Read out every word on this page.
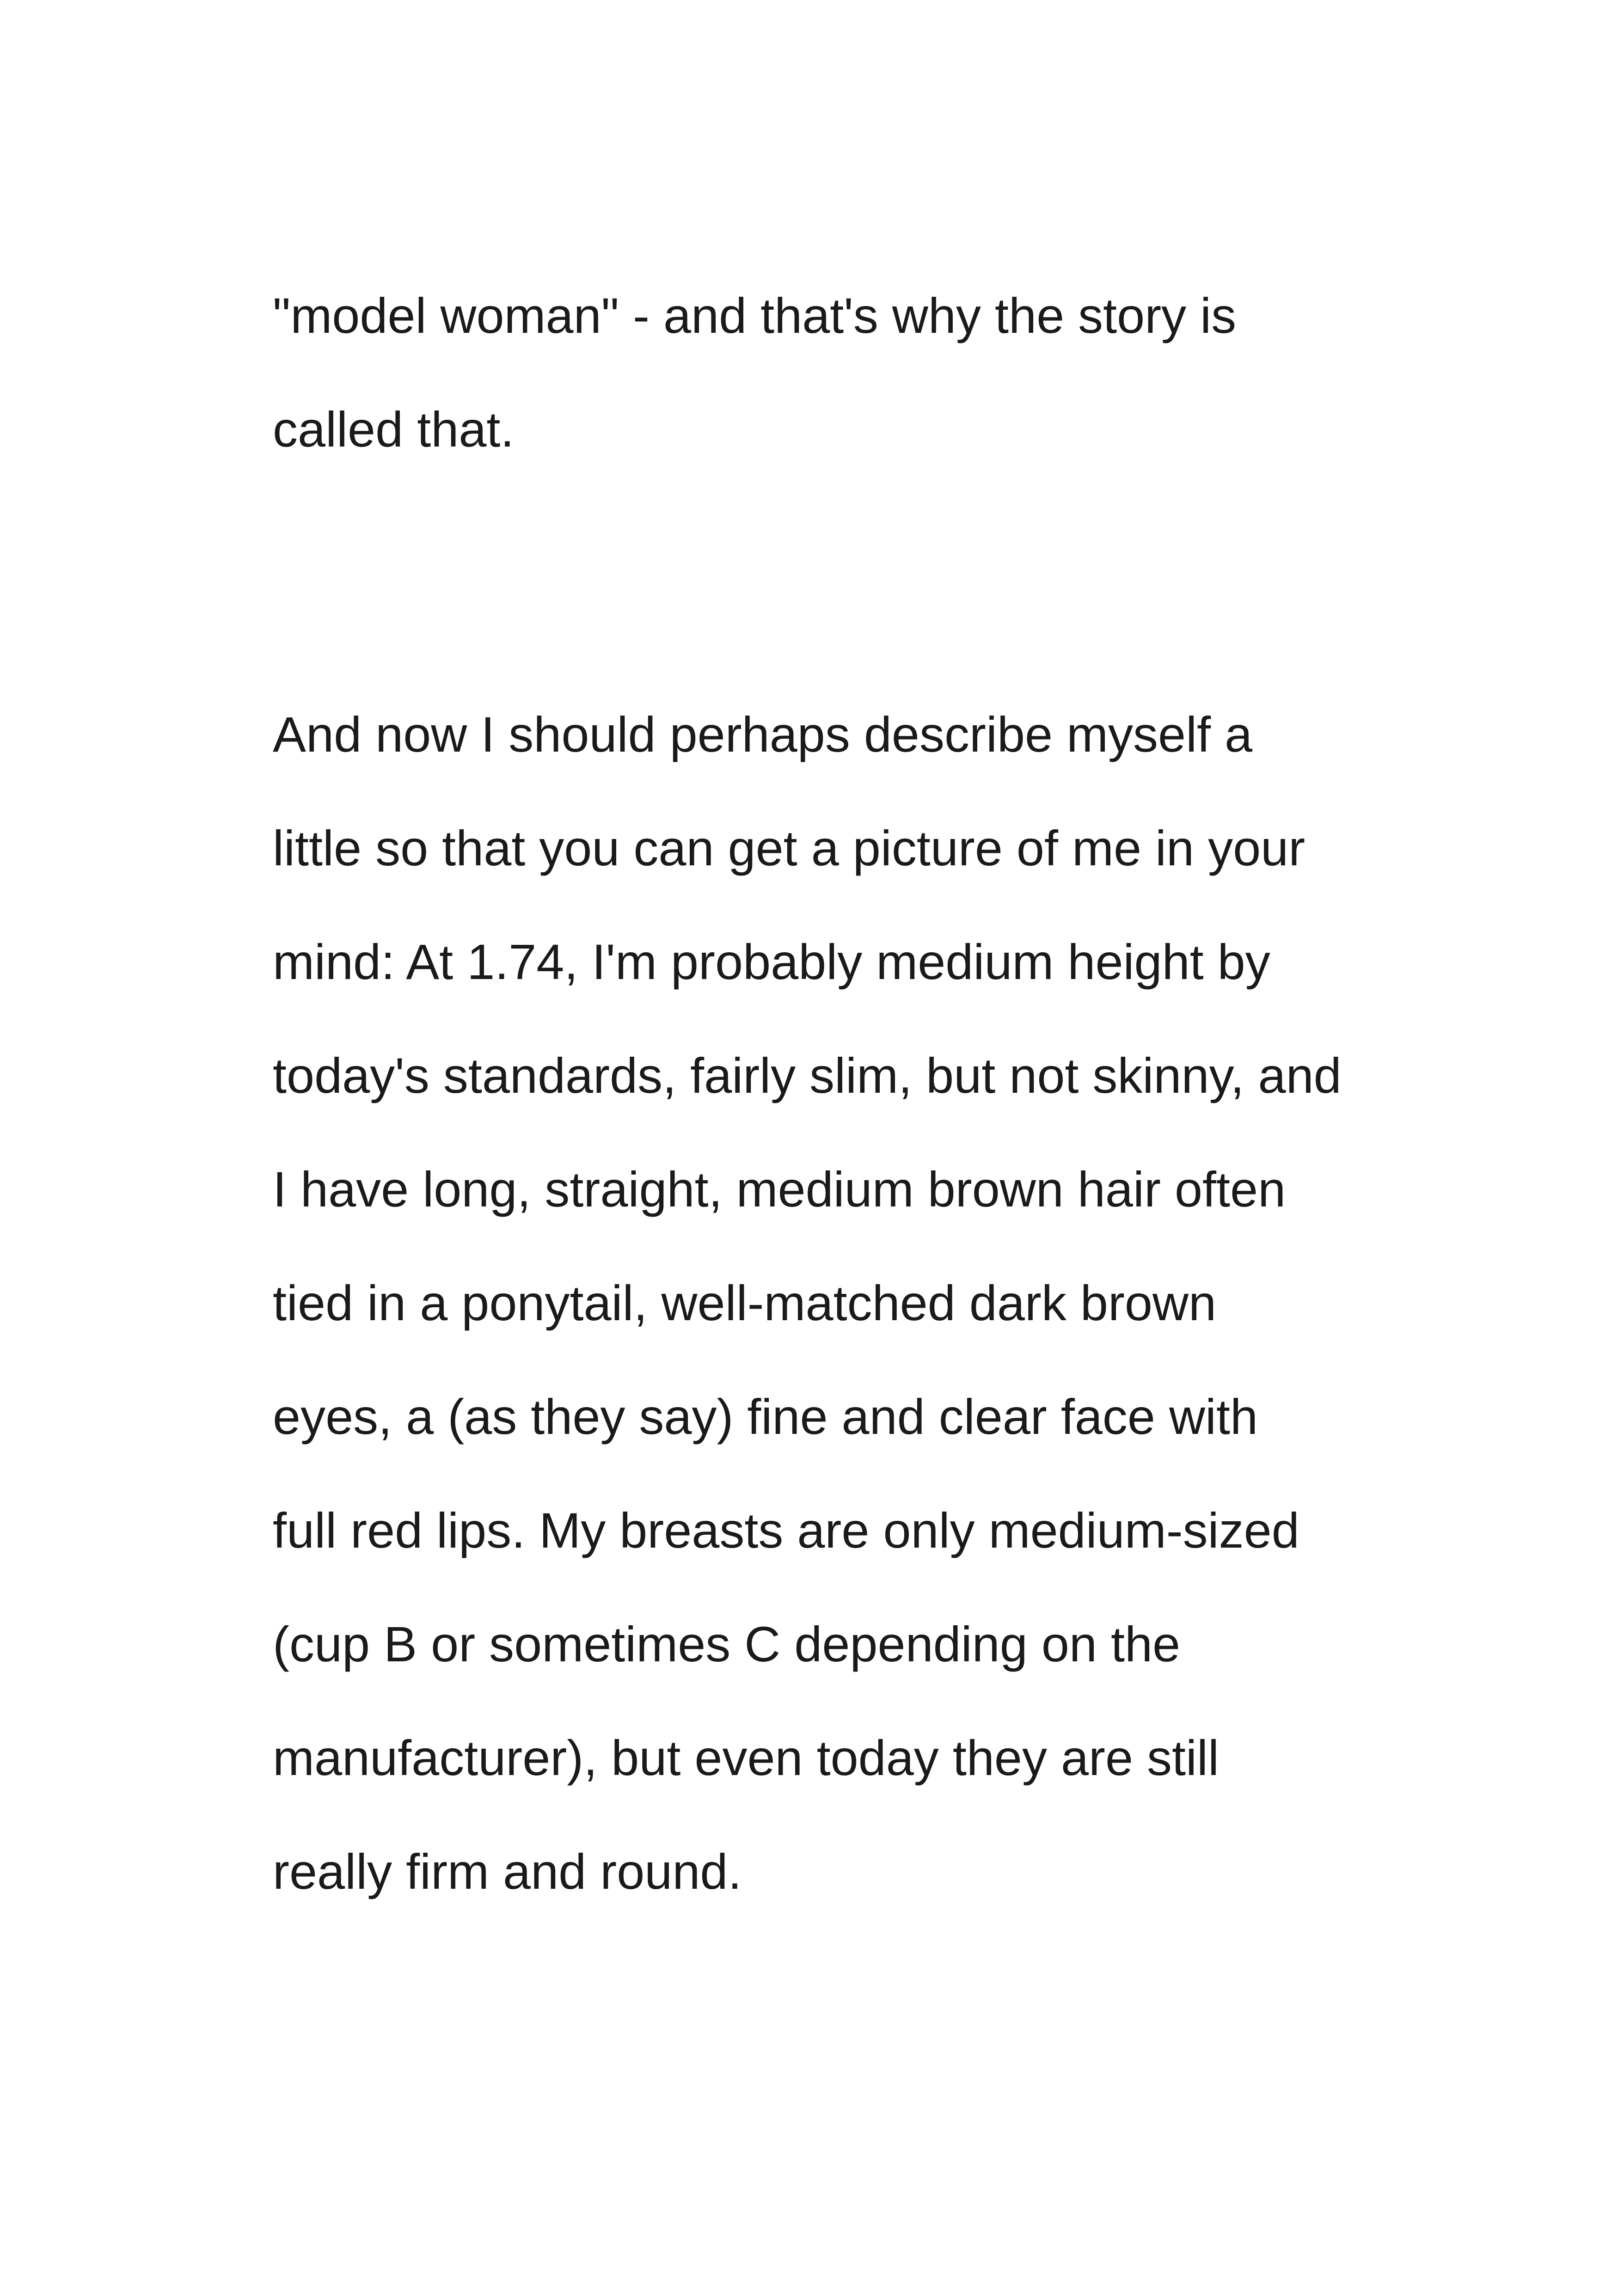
"model woman" - and that's why the story is
called that.
And now I should perhaps describe myself a
little so that you can get a picture of me in your
mind: At 1.74, I'm probably medium height by
today's standards, fairly slim, but not skinny, and
I have long, straight, medium brown hair often
tied in a ponytail, well-matched dark brown
eyes, a (as they say) fine and clear face with
full red lips. My breasts are only medium-sized
(cup B or sometimes C depending on the
manufacturer), but even today they are still
really firm and round.
